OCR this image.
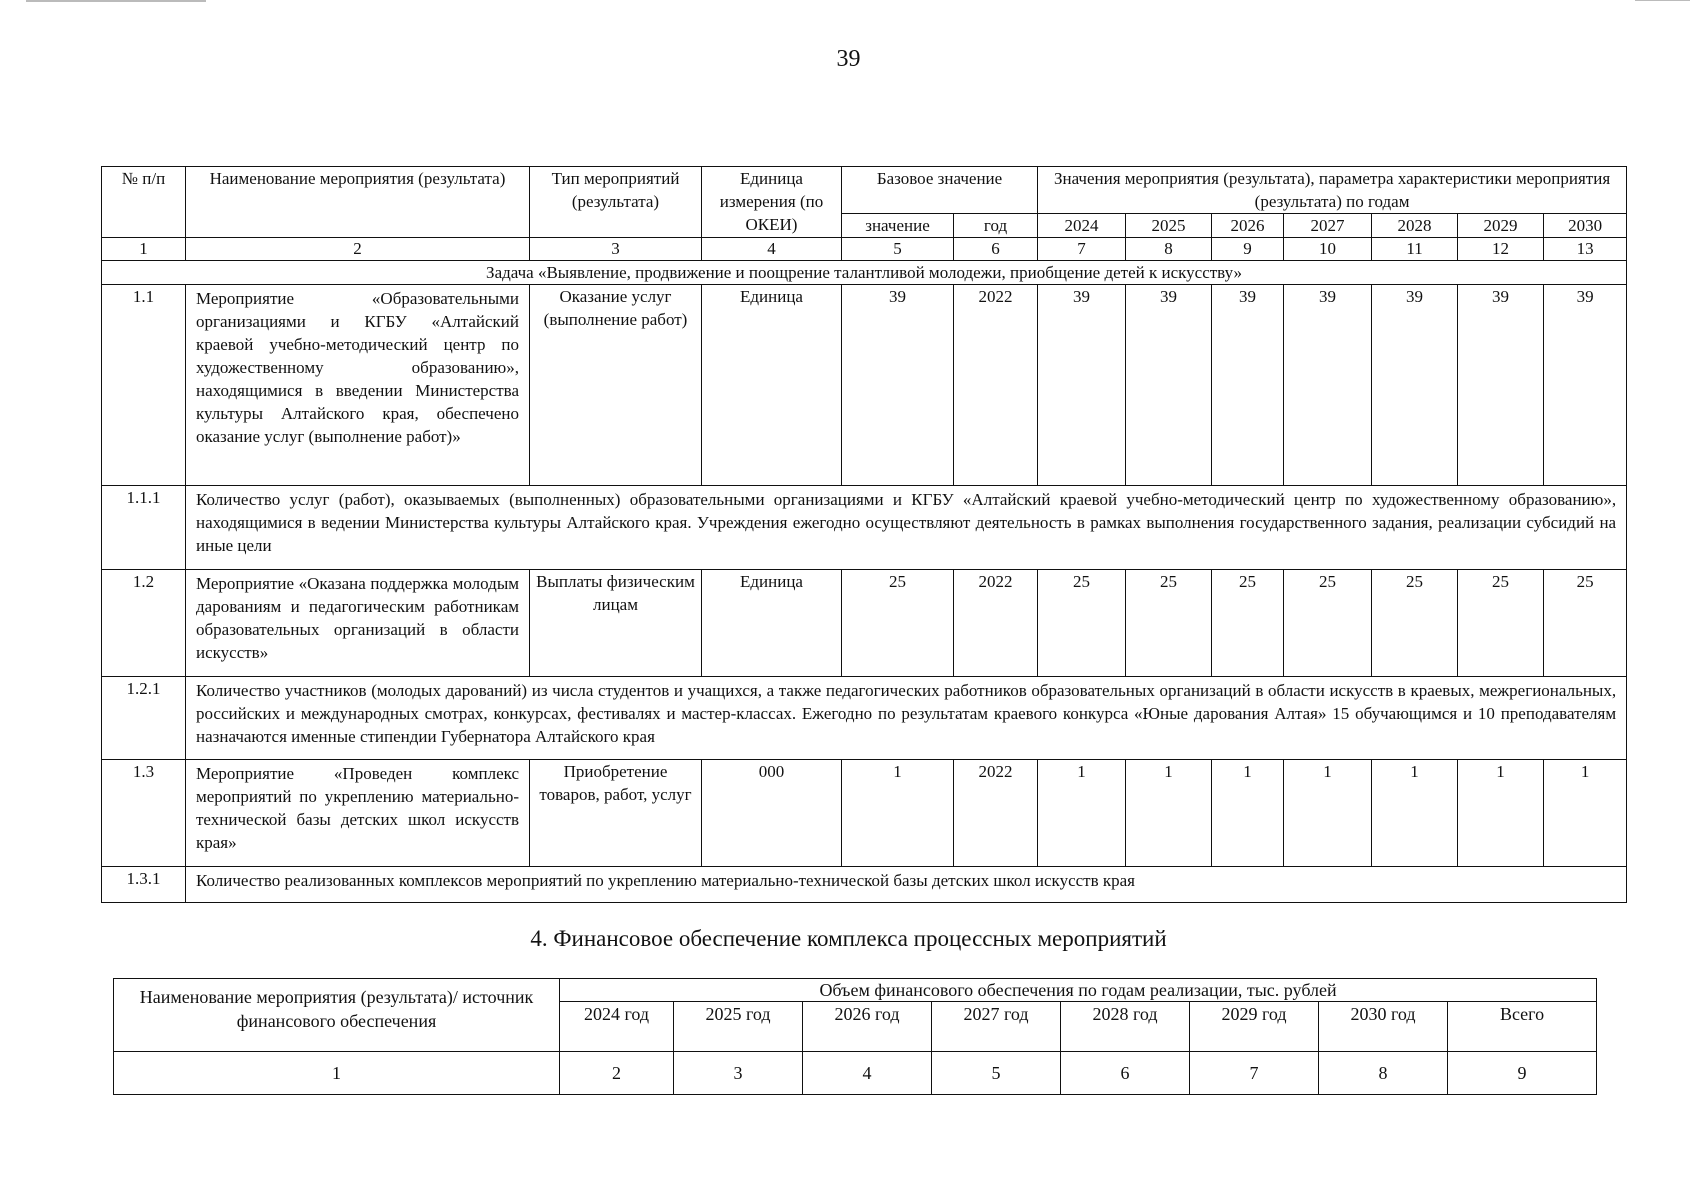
39
№ п/п	Наименование мероприятия (результата)	Тип мероприятий (результата)	Единица измерения (по ОКЕИ)	Базовое значение		Значения мероприятия (результата), параметра характеристики мероприятия (результата) по годам						
				значение	год	2024	2025	2026	2027	2028	2029	2030
1	2	3	4	5	6	7	8	9	10	11	12	13
Задача «Выявление, продвижение и поощрение талантливой молодежи, приобщение детей к искусству»												
1.1	Мероприятие «Образовательными организациями и КГБУ «Алтайский краевой учебно-методический центр по художественному образованию», находящимися в введении Министерства культуры Алтайского края, обеспечено оказание услуг (выполнение работ)»	Оказание услуг (выполнение работ)	Единица	39	2022	39	39	39	39	39	39	39
1.1.1	Количество услуг (работ), оказываемых (выполненных) образовательными организациями и КГБУ «Алтайский краевой учебно-методический центр по художественному образованию», находящимися в ведении Министерства культуры Алтайского края. Учреждения ежегодно осуществляют деятельность в рамках выполнения государственного задания, реализации субсидий на иные цели											
1.2	Мероприятие «Оказана поддержка молодым дарованиям и педагогическим работникам образовательных организаций в области искусств»	Выплаты физическим лицам	Единица	25	2022	25	25	25	25	25	25	25
1.2.1	Количество участников (молодых дарований) из числа студентов и учащихся, а также педагогических работников образовательных организаций в области искусств в краевых, межрегиональных, российских и международных смотрах, конкурсах, фестивалях и мастер-классах. Ежегодно по результатам краевого конкурса «Юные дарования Алтая» 15 обучающимся и 10 преподавателям назначаются именные стипендии Губернатора Алтайского края											
1.3	Мероприятие «Проведен комплекс мероприятий по укреплению материально-технической базы детских школ искусств края»	Приобретение товаров, работ, услуг	000	1	2022	1	1	1	1	1	1	1
1.3.1	Количество реализованных комплексов мероприятий по укреплению материально-технической базы детских школ искусств края											
4. Финансовое обеспечение комплекса процессных мероприятий
Наименование мероприятия (результата)/ источник финансового обеспечения	Объем финансового обеспечения по годам реализации, тыс. рублей							
	2024 год	2025 год	2026 год	2027 год	2028 год	2029 год	2030 год	Всего
1	2	3	4	5	6	7	8	9
